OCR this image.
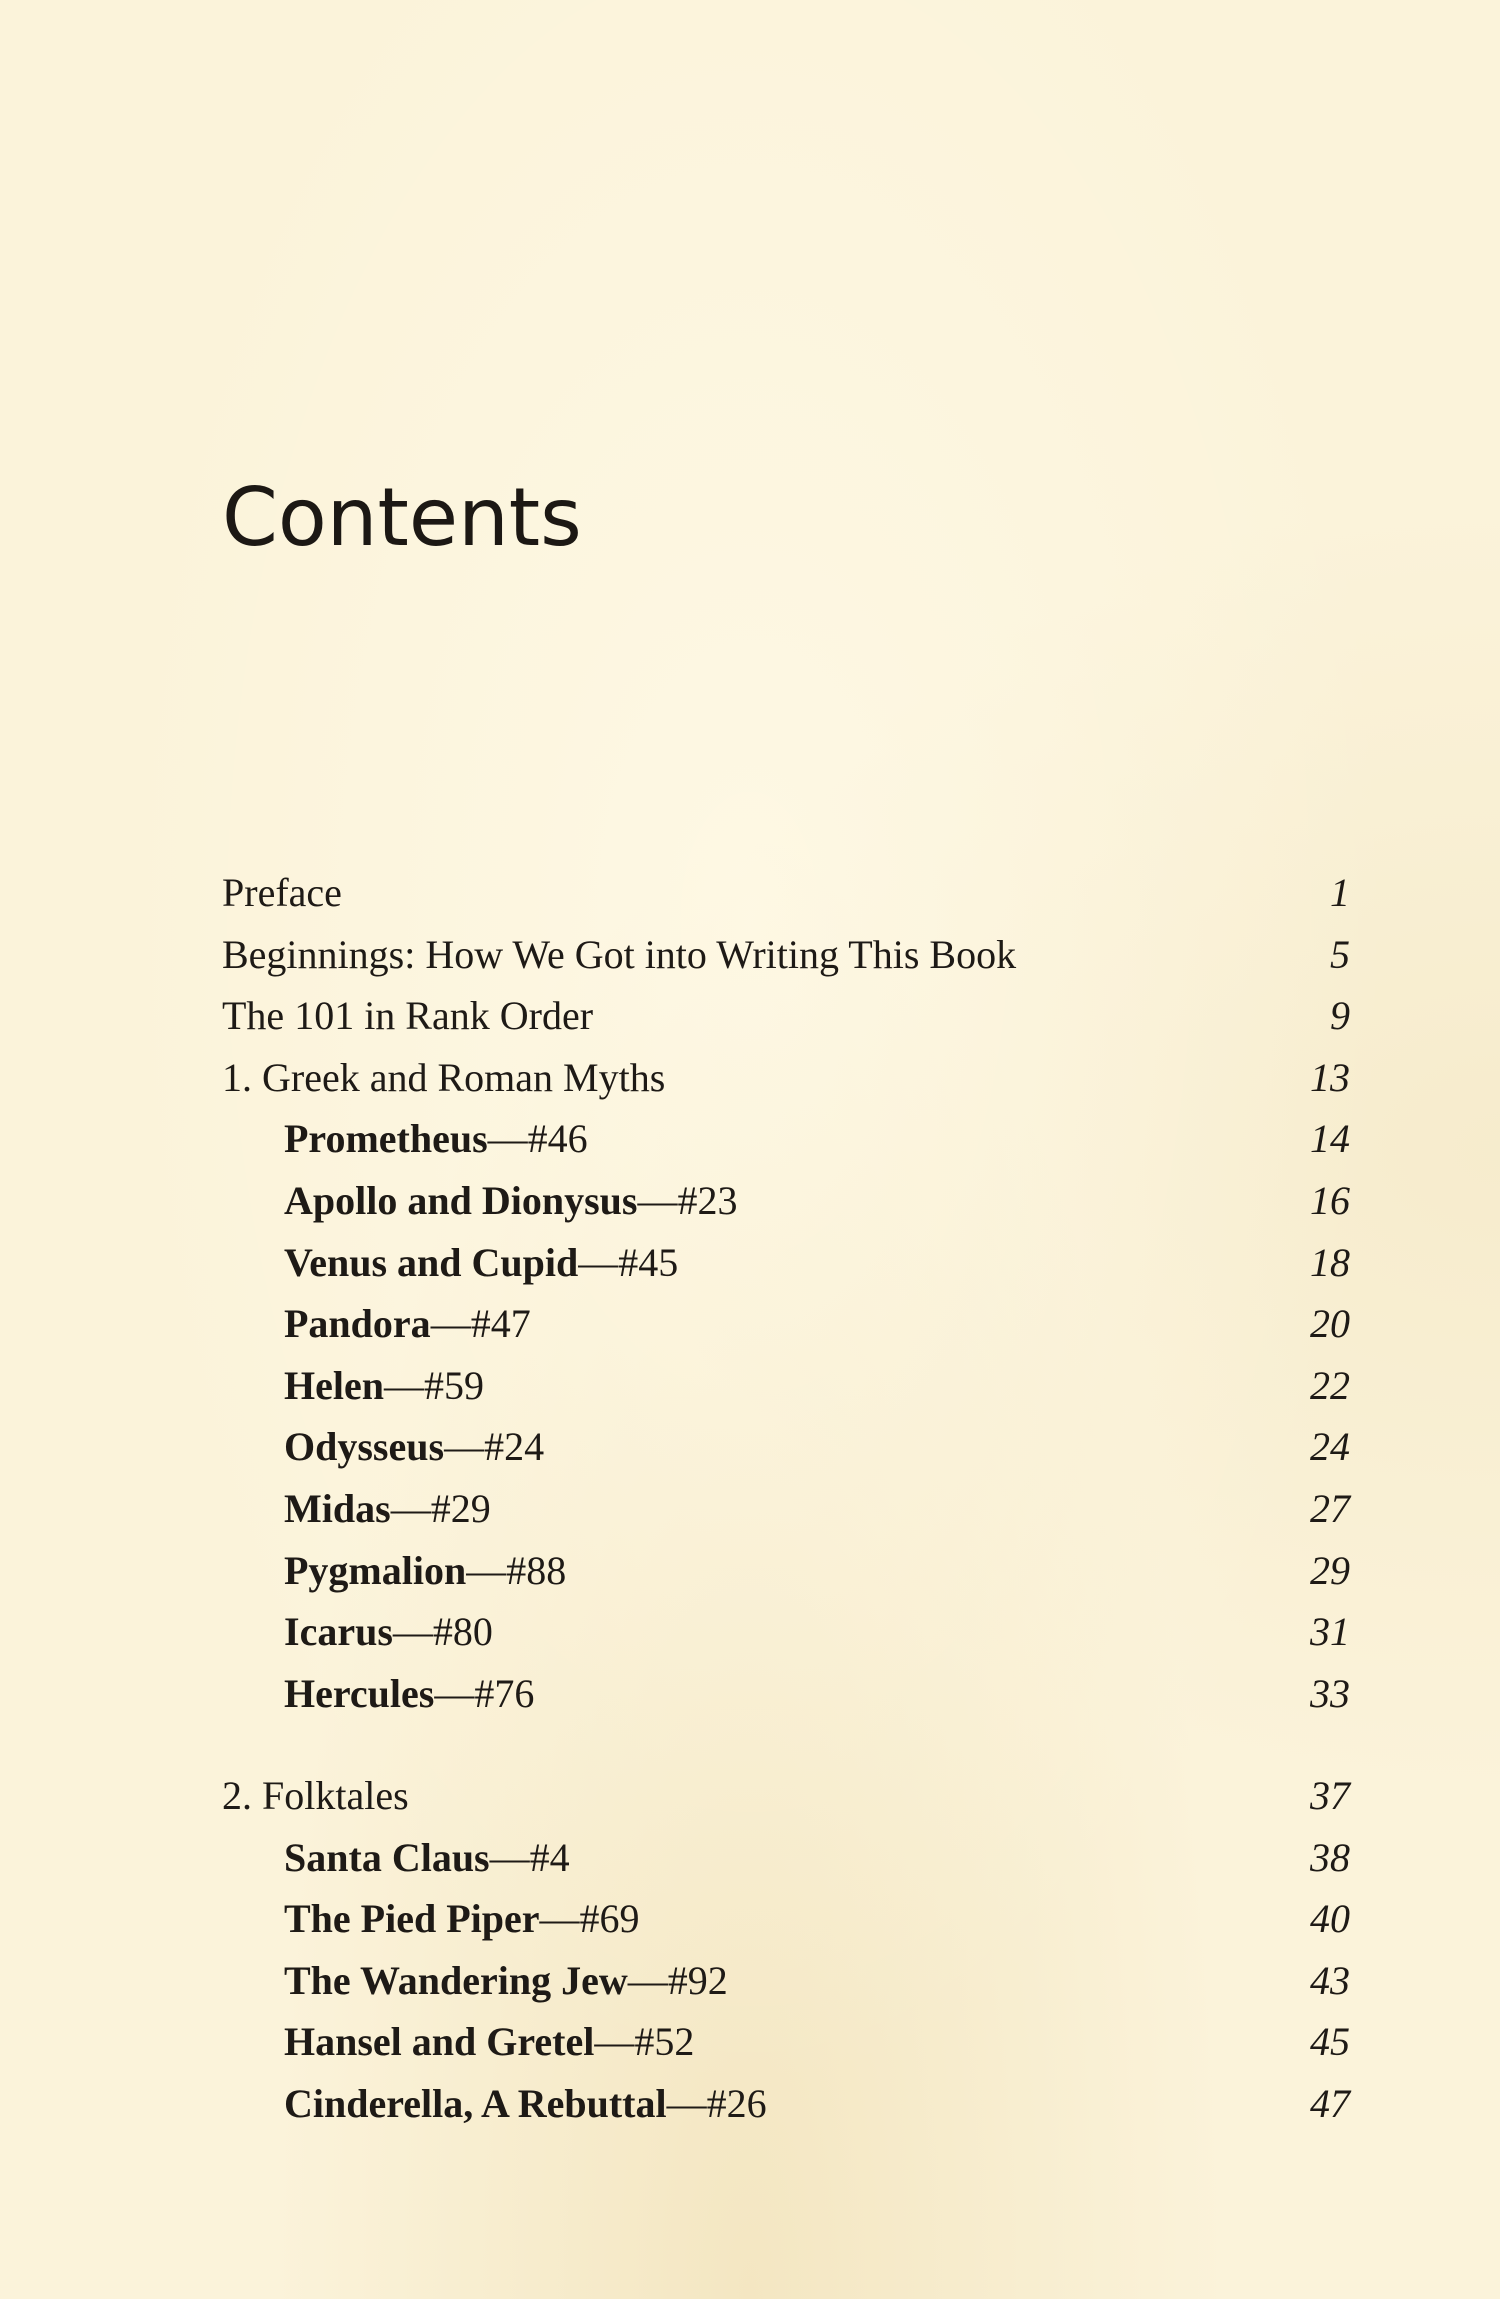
Contents
Preface	1
Beginnings: How We Got into Writing This Book	5
The 101 in Rank Order	9
1. Greek and Roman Myths	13
Prometheus—#46	14
Apollo and Dionysus—#23	16
Venus and Cupid—#45	18
Pandora—#47	20
Helen—#59	22
Odysseus—#24	24
Midas—#29	27
Pygmalion—#88	29
Icarus—#80	31
Hercules—#76	33
2. Folktales	37
Santa Claus—#4	38
The Pied Piper—#69	40
The Wandering Jew—#92	43
Hansel and Gretel—#52	45
Cinderella, A Rebuttal—#26	47
